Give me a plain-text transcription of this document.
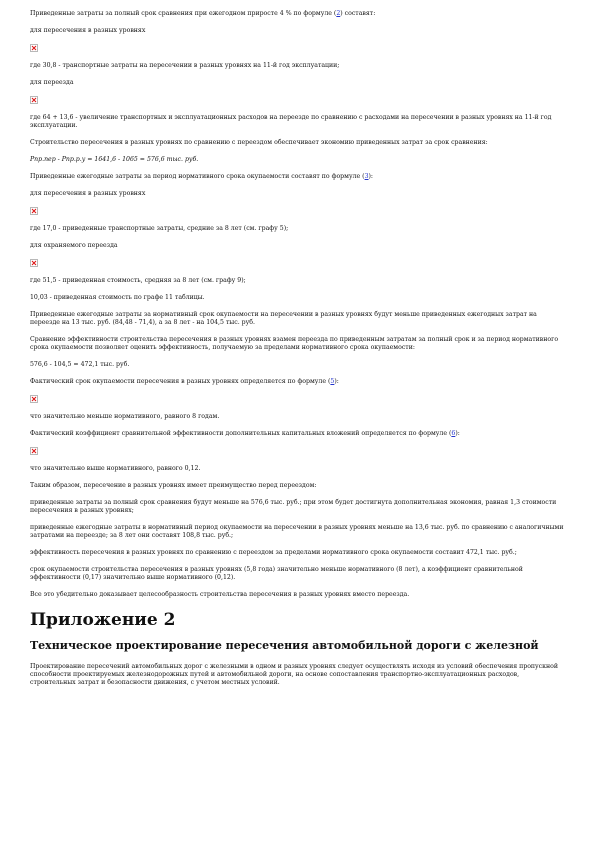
Приведенные затраты за полный срок сравнения при ежегодном приросте 4 % по формуле (2) составят:

для пересечения в разных уровнях

где 30,8 - транспортные затраты на пересечении в разных уровнях на 11-й год эксплуатации;

для переезда

где 64 + 13,6 - увеличение транспортных и эксплуатационных расходов на переезде по сравнению с расходами на пересечении в разных уровнях на 11-й год эксплуатации.

Строительство пересечения в разных уровнях по сравнению с переездом обеспечивает экономию приведенных затрат за срок сравнения:

Рпр.пер - Рпр.р.у = 1641,6 - 1065 = 576,6 тыс. руб.

Приведенные ежегодные затраты за период нормативного срока окупаемости составят по формуле (3):

для пересечения в разных уровнях

где 17,0 - приведенные транспортные затраты, средние за 8 лет (см. графу 5);

для охраняемого переезда

где 51,5 - приведенная стоимость, средняя за 8 лет (см. графу 9);

10,03 - приведенная стоимость по графе 11 таблицы.

Приведенные ежегодные затраты за нормативный срок окупаемости на пересечении в разных уровнях будут меньше приведенных ежегодных затрат на переезде на 13 тыс. руб. (84,48 - 71,4), а за 8 лет - на 104,5 тыс. руб.

Сравнение эффективности строительства пересечения в разных уровнях взамен переезда по приведенным затратам за полный срок и за период нормативного срока окупаемости позволяет оценить эффективность, получаемую за пределами нормативного срока окупаемости:

576,6 - 104,5 = 472,1 тыс. руб.

Фактический срок окупаемости пересечения в разных уровнях определяется по формуле (5):

что значительно меньше нормативного, равного 8 годам.

Фактический коэффициент сравнительной эффективности дополнительных капитальных вложений определяется по формуле (6):

что значительно выше нормативного, равного 0,12.

Таким образом, пересечение в разных уровнях имеет преимущество перед переездом:

приведенные затраты за полный срок сравнения будут меньше на 576,6 тыс. руб.; при этом будет достигнута дополнительная экономия, равная 1,3 стоимости пересечения в разных уровнях;

приведенные ежегодные затраты в нормативный период окупаемости на пересечении в разных уровнях меньше на 13,6 тыс. руб. по сравнению с аналогичными затратами на переезде; за 8 лет они составят 108,8 тыс. руб.;

эффективность пересечения в разных уровнях по сравнению с переездом за пределами нормативного срока окупаемости составит 472,1 тыс. руб.;

срок окупаемости строительства пересечения в разных уровнях (5,8 года) значительно меньше нормативного (8 лет), а коэффициент сравнительной эффективности (0,17) значительно выше нормативного (0,12).

Все это убедительно доказывает целесообразность строительства пересечения в разных уровнях вместо переезда.

Приложение 2
Техническое проектирование пересечения автомобильной дороги с железной

Проектирование пересечений автомобильных дорог с железными в одном и разных уровнях следует осуществлять исходя из условий обеспечения пропускной способности проектируемых железнодорожных путей и автомобильной дороги, на основе сопоставления транспортно-эксплуатационных расходов, строительных затрат и безопасности движения, с учетом местных условий.
